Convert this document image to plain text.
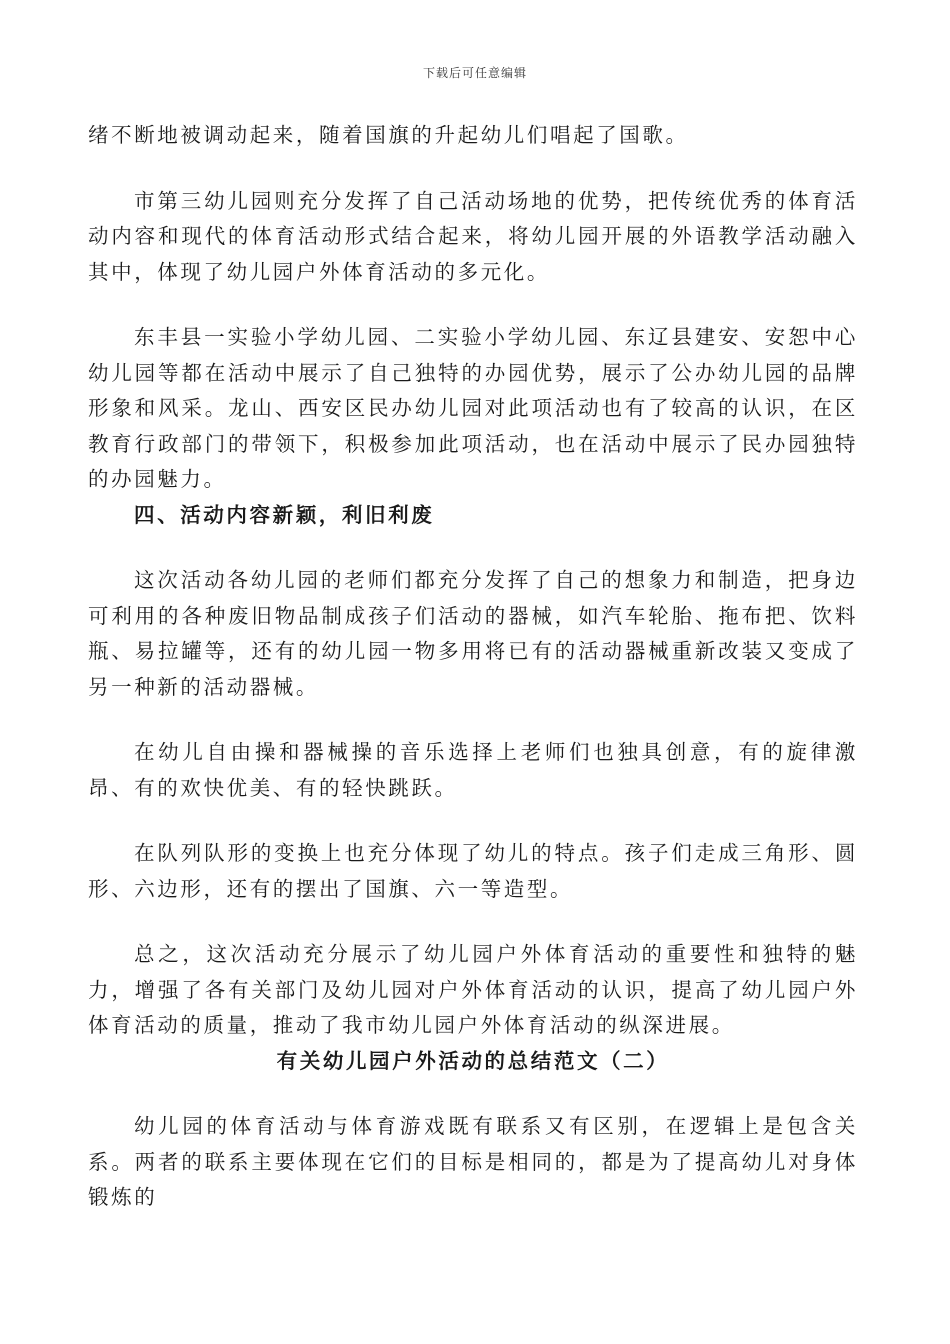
下载后可任意编辑

绪不断地被调动起来，随着国旗的升起幼儿们唱起了国歌。

市第三幼儿园则充分发挥了自己活动场地的优势，把传统优秀的体育活动内容和现代的体育活动形式结合起来，将幼儿园开展的外语教学活动融入其中，体现了幼儿园户外体育活动的多元化。

东丰县一实验小学幼儿园、二实验小学幼儿园、东辽县建安、安恕中心幼儿园等都在活动中展示了自己独特的办园优势，展示了公办幼儿园的品牌形象和风采。龙山、西安区民办幼儿园对此项活动也有了较高的认识，在区教育行政部门的带领下，积极参加此项活动，也在活动中展示了民办园独特的办园魅力。

四、活动内容新颖，利旧利废

这次活动各幼儿园的老师们都充分发挥了自己的想象力和制造，把身边可利用的各种废旧物品制成孩子们活动的器械，如汽车轮胎、拖布把、饮料瓶、易拉罐等，还有的幼儿园一物多用将已有的活动器械重新改装又变成了另一种新的活动器械。

在幼儿自由操和器械操的音乐选择上老师们也独具创意，有的旋律激昂、有的欢快优美、有的轻快跳跃。

在队列队形的变换上也充分体现了幼儿的特点。孩子们走成三角形、圆形、六边形，还有的摆出了国旗、六一等造型。

总之，这次活动充分展示了幼儿园户外体育活动的重要性和独特的魅力，增强了各有关部门及幼儿园对户外体育活动的认识，提高了幼儿园户外体育活动的质量，推动了我市幼儿园户外体育活动的纵深进展。

有关幼儿园户外活动的总结范文（二）

幼儿园的体育活动与体育游戏既有联系又有区别，在逻辑上是包含关系。两者的联系主要体现在它们的目标是相同的，都是为了提高幼儿对身体锻炼的
